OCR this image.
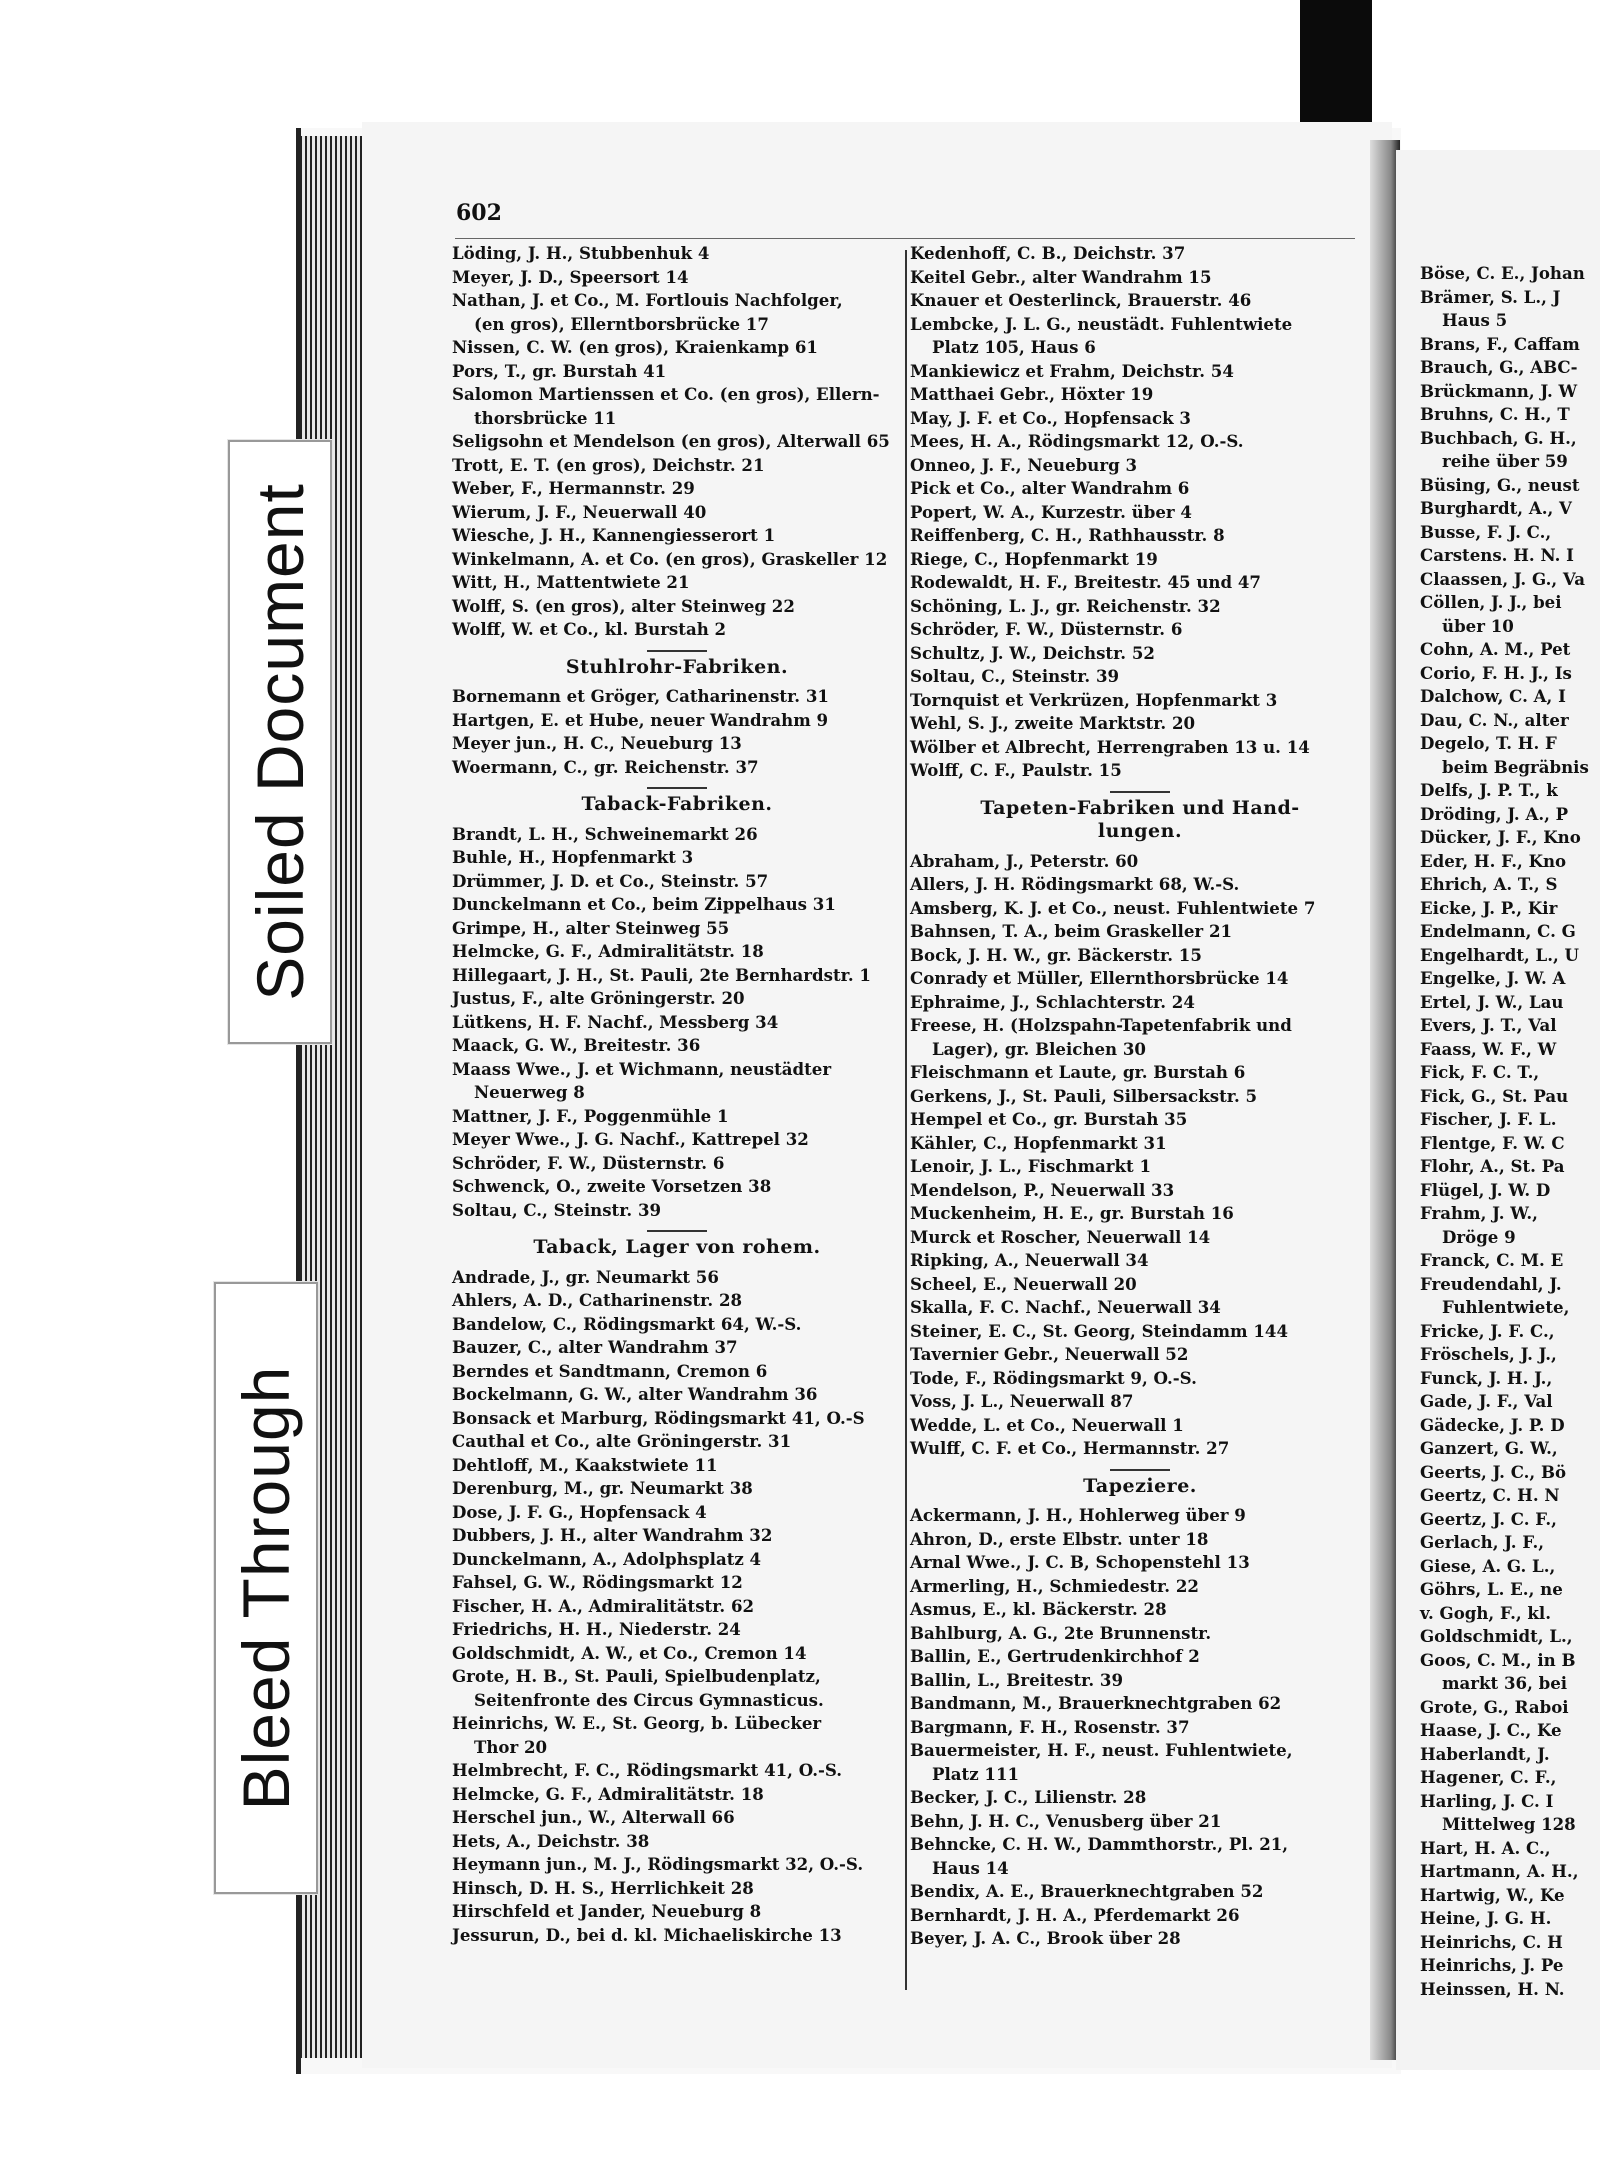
Soiled Document
Bleed Through
602
Löding, J. H., Stubbenhuk 4
Meyer, J. D., Speersort 14
Nathan, J. et Co., M. Fortlouis Nachfolger,
(en gros), Ellerntborsbrücke 17
Nissen, C. W. (en gros), Kraienkamp 61
Pors, T., gr. Burstah 41
Salomon Martienssen et Co. (en gros), Ellern-
thorsbrücke 11
Seligsohn et Mendelson (en gros), Alterwall 65
Trott, E. T. (en gros), Deichstr. 21
Weber, F., Hermannstr. 29
Wierum, J. F., Neuerwall 40
Wiesche, J. H., Kannengiesserort 1
Winkelmann, A. et Co. (en gros), Graskeller 12
Witt, H., Mattentwiete 21
Wolff, S. (en gros), alter Steinweg 22
Wolff, W. et Co., kl. Burstah 2
Stuhlrohr-Fabriken.
Bornemann et Gröger, Catharinenstr. 31
Hartgen, E. et Hube, neuer Wandrahm 9
Meyer jun., H. C., Neueburg 13
Woermann, C., gr. Reichenstr. 37
Taback-Fabriken.
Brandt, L. H., Schweinemarkt 26
Buhle, H., Hopfenmarkt 3
Drümmer, J. D. et Co., Steinstr. 57
Dunckelmann et Co., beim Zippelhaus 31
Grimpe, H., alter Steinweg 55
Helmcke, G. F., Admiralitätstr. 18
Hillegaart, J. H., St. Pauli, 2te Bernhardstr. 1
Justus, F., alte Gröningerstr. 20
Lütkens, H. F. Nachf., Messberg 34
Maack, G. W., Breitestr. 36
Maass Wwe., J. et Wichmann, neustädter
Neuerweg 8
Mattner, J. F., Poggenmühle 1
Meyer Wwe., J. G. Nachf., Kattrepel 32
Schröder, F. W., Düsternstr. 6
Schwenck, O., zweite Vorsetzen 38
Soltau, C., Steinstr. 39
Taback, Lager von rohem.
Andrade, J., gr. Neumarkt 56
Ahlers, A. D., Catharinenstr. 28
Bandelow, C., Rödingsmarkt 64, W.-S.
Bauzer, C., alter Wandrahm 37
Berndes et Sandtmann, Cremon 6
Bockelmann, G. W., alter Wandrahm 36
Bonsack et Marburg, Rödingsmarkt 41, O.-S
Cauthal et Co., alte Gröningerstr. 31
Dehtloff, M., Kaakstwiete 11
Derenburg, M., gr. Neumarkt 38
Dose, J. F. G., Hopfensack 4
Dubbers, J. H., alter Wandrahm 32
Dunckelmann, A., Adolphsplatz 4
Fahsel, G. W., Rödingsmarkt 12
Fischer, H. A., Admiralitätstr. 62
Friedrichs, H. H., Niederstr. 24
Goldschmidt, A. W., et Co., Cremon 14
Grote, H. B., St. Pauli, Spielbudenplatz,
Seitenfronte des Circus Gymnasticus.
Heinrichs, W. E., St. Georg, b. Lübecker
Thor 20
Helmbrecht, F. C., Rödingsmarkt 41, O.-S.
Helmcke, G. F., Admiralitätstr. 18
Herschel jun., W., Alterwall 66
Hets, A., Deichstr. 38
Heymann jun., M. J., Rödingsmarkt 32, O.-S.
Hinsch, D. H. S., Herrlichkeit 28
Hirschfeld et Jander, Neueburg 8
Jessurun, D., bei d. kl. Michaeliskirche 13
Kedenhoff, C. B., Deichstr. 37
Keitel Gebr., alter Wandrahm 15
Knauer et Oesterlinck, Brauerstr. 46
Lembcke, J. L. G., neustädt. Fuhlentwiete
Platz 105, Haus 6
Mankiewicz et Frahm, Deichstr. 54
Matthaei Gebr., Höxter 19
May, J. F. et Co., Hopfensack 3
Mees, H. A., Rödingsmarkt 12, O.-S.
Onneo, J. F., Neueburg 3
Pick et Co., alter Wandrahm 6
Popert, W. A., Kurzestr. über 4
Reiffenberg, C. H., Rathhausstr. 8
Riege, C., Hopfenmarkt 19
Rodewaldt, H. F., Breitestr. 45 und 47
Schöning, L. J., gr. Reichenstr. 32
Schröder, F. W., Düsternstr. 6
Schultz, J. W., Deichstr. 52
Soltau, C., Steinstr. 39
Tornquist et Verkrüzen, Hopfenmarkt 3
Wehl, S. J., zweite Marktstr. 20
Wölber et Albrecht, Herrengraben 13 u. 14
Wolff, C. F., Paulstr. 15
Tapeten-Fabriken und Hand-
lungen.
Abraham, J., Peterstr. 60
Allers, J. H. Rödingsmarkt 68, W.-S.
Amsberg, K. J. et Co., neust. Fuhlentwiete 7
Bahnsen, T. A., beim Graskeller 21
Bock, J. H. W., gr. Bäckerstr. 15
Conrady et Müller, Ellernthorsbrücke 14
Ephraime, J., Schlachterstr. 24
Freese, H. (Holzspahn-Tapetenfabrik und
Lager), gr. Bleichen 30
Fleischmann et Laute, gr. Burstah 6
Gerkens, J., St. Pauli, Silbersackstr. 5
Hempel et Co., gr. Burstah 35
Kähler, C., Hopfenmarkt 31
Lenoir, J. L., Fischmarkt 1
Mendelson, P., Neuerwall 33
Muckenheim, H. E., gr. Burstah 16
Murck et Roscher, Neuerwall 14
Ripking, A., Neuerwall 34
Scheel, E., Neuerwall 20
Skalla, F. C. Nachf., Neuerwall 34
Steiner, E. C., St. Georg, Steindamm 144
Tavernier Gebr., Neuerwall 52
Tode, F., Rödingsmarkt 9, O.-S.
Voss, J. L., Neuerwall 87
Wedde, L. et Co., Neuerwall 1
Wulff, C. F. et Co., Hermannstr. 27
Tapeziere.
Ackermann, J. H., Hohlerweg über 9
Ahron, D., erste Elbstr. unter 18
Arnal Wwe., J. C. B, Schopenstehl 13
Armerling, H., Schmiedestr. 22
Asmus, E., kl. Bäckerstr. 28
Bahlburg, A. G., 2te Brunnenstr.
Ballin, E., Gertrudenkirchhof 2
Ballin, L., Breitestr. 39
Bandmann, M., Brauerknechtgraben 62
Bargmann, F. H., Rosenstr. 37
Bauermeister, H. F., neust. Fuhlentwiete,
Platz 111
Becker, J. C., Lilienstr. 28
Behn, J. H. C., Venusberg über 21
Behncke, C. H. W., Dammthorstr., Pl. 21,
Haus 14
Bendix, A. E., Brauerknechtgraben 52
Bernhardt, J. H. A., Pferdemarkt 26
Beyer, J. A. C., Brook über 28
Böse, C. E., Johan
Brämer, S. L., J
Haus 5
Brans, F., Caffam
Brauch, G., ABC-
Brückmann, J. W
Bruhns, C. H., T
Buchbach, G. H.,
reihe über 59
Büsing, G., neust
Burghardt, A., V
Busse, F. J. C.,
Carstens. H. N. I
Claassen, J. G., Va
Cöllen, J. J., bei
über 10
Cohn, A. M., Pet
Corio, F. H. J., Is
Dalchow, C. A, I
Dau, C. N., alter
Degelo, T. H. F
beim Begräbnis
Delfs, J. P. T., k
Dröding, J. A., P
Dücker, J. F., Kno
Eder, H. F., Kno
Ehrich, A. T., S
Eicke, J. P., Kir
Endelmann, C. G
Engelhardt, L., U
Engelke, J. W. A
Ertel, J. W., Lau
Evers, J. T., Val
Faass, W. F., W
Fick, F. C. T.,
Fick, G., St. Pau
Fischer, J. F. L.
Flentge, F. W. C
Flohr, A., St. Pa
Flügel, J. W. D
Frahm, J. W.,
Dröge 9
Franck, C. M. E
Freudendahl, J.
Fuhlentwiete,
Fricke, J. F. C.,
Fröschels, J. J.,
Funck, J. H. J.,
Gade, J. F., Val
Gädecke, J. P. D
Ganzert, G. W.,
Geerts, J. C., Bö
Geertz, C. H. N
Geertz, J. C. F.,
Gerlach, J. F.,
Giese, A. G. L.,
Göhrs, L. E., ne
v. Gogh, F., kl.
Goldschmidt, L.,
Goos, C. M., in B
markt 36, bei
Grote, G., Raboi
Haase, J. C., Ke
Haberlandt, J.
Hagener, C. F.,
Harling, J. C. I
Mittelweg 128
Hart, H. A. C.,
Hartmann, A. H.,
Hartwig, W., Ke
Heine, J. G. H.
Heinrichs, C. H
Heinrichs, J. Pe
Heinssen, H. N.
